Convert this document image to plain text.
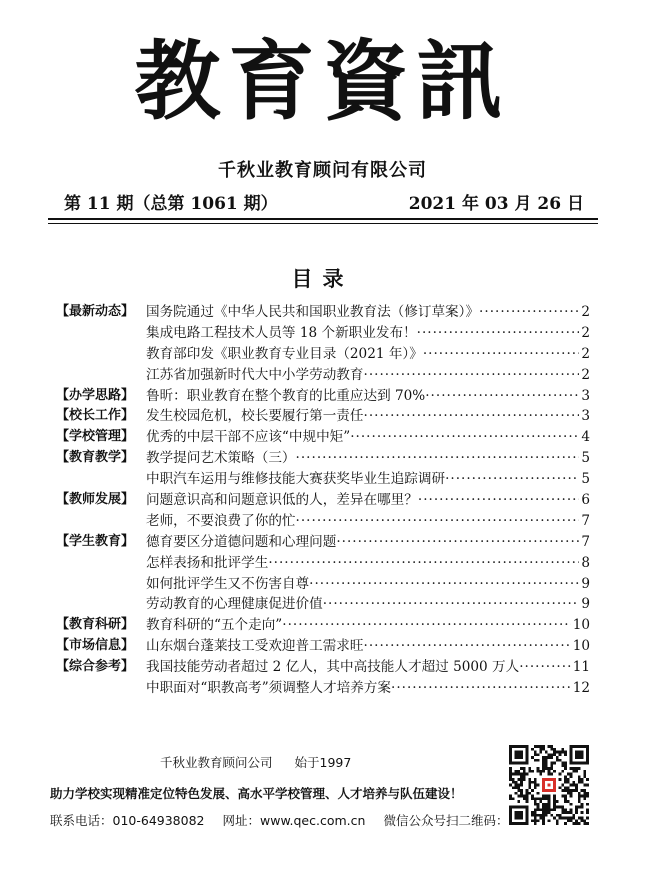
教育資訊
千秋业教育顾问有限公司
第 11 期（总第 1061 期）	2021 年 03 月 26 日
目录
【最新动态】 国务院通过《中华人民共和国职业教育法（修订草案）》 ·····	2
集成电路工程技术人员等 18 个新职业发布！ ·····	2
教育部印发《职业教育专业目录（2021 年）》 ·····	2
江苏省加强新时代大中小学劳动教育 ·····	2
【办学思路】 鲁昕：职业教育在整个教育的比重应达到 70% ·····	3
【校长工作】 发生校园危机，校长要履行第一责任 ·····	3
【学校管理】 优秀的中层干部不应该“中规中矩” ·····	4
【教育教学】 教学提问艺术策略（三） ·····	5
中职汽车运用与维修技能大赛获奖毕业生追踪调研 ·····	5
【教师发展】 问题意识高和问题意识低的人，差异在哪里？ ·····	6
老师，不要浪费了你的忙 ·····	7
【学生教育】 德育要区分道德问题和心理问题 ·····	7
怎样表扬和批评学生 ·····	8
如何批评学生又不伤害自尊 ·····	9
劳动教育的心理健康促进价值 ·····	9
【教育科研】 教育科研的“五个走向” ·····	10
【市场信息】 山东烟台蓬莱技工受欢迎普工需求旺 ·····	10
【综合参考】 我国技能劳动者超过 2 亿人，其中高技能人才超过 5000 万人 ·····	11
中职面对“职教高考”须调整人才培养方案 ·····	12
千秋业教育顾问公司 始于1997
助力学校实现精准定位特色发展、高水平学校管理、人才培养与队伍建设！
联系电话：010-64938082 网址：www.qec.com.cn 微信公众号扫二维码：
